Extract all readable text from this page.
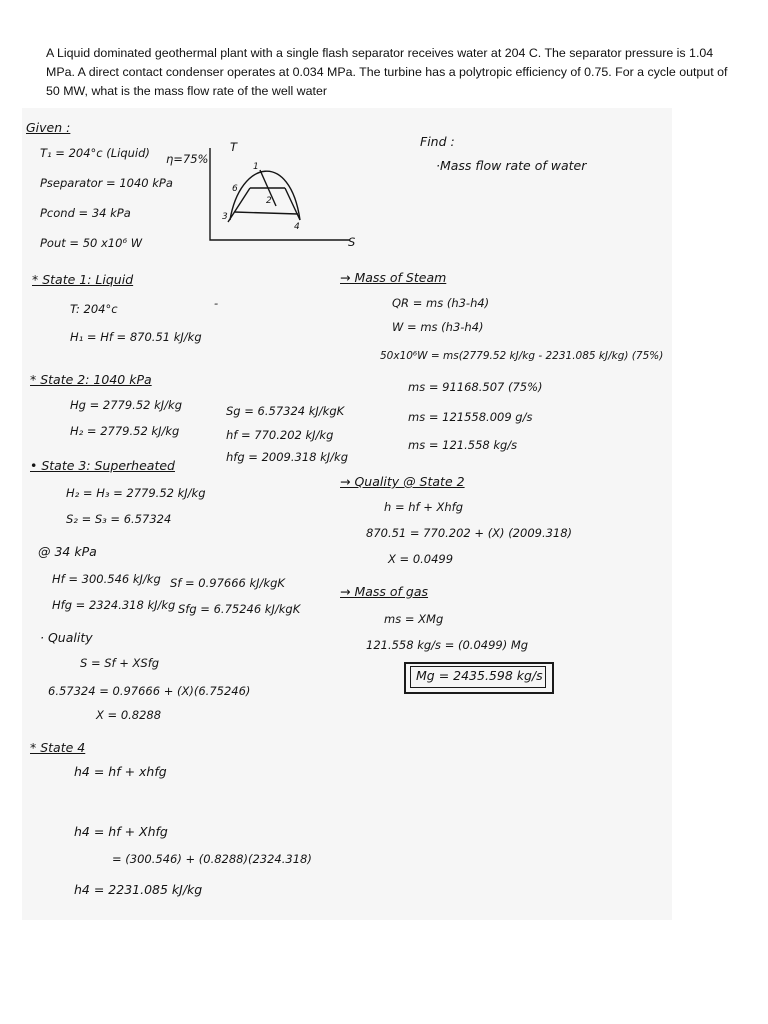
A Liquid dominated geothermal plant with a single flash separator receives water at 204 C. The separator pressure is 1.04 MPa. A direct contact condenser operates at 0.034 MPa. The turbine has a polytropic efficiency of 0.75. For a cycle output of 50 MW, what is the mass flow rate of the well water
Given :
T₁ = 204°c (Liquid) η=75%
Pseparator = 1040 kPa
Pcond = 34 kPa
Pout = 50 x10⁶ W
T
S
1
6
2
3
4
Find :
·Mass flow rate of water
* State 1: Liquid
T: 204°c
H₁ = Hf = 870.51 kJ/kg
-
* State 2: 1040 kPa
Hg = 2779.52 kJ/kg
H₂ = 2779.52 kJ/kg
Sg = 6.57324 kJ/kgK
hf = 770.202 kJ/kg
hfg = 2009.318 kJ/kg
• State 3: Superheated
H₂ = H₃ = 2779.52 kJ/kg
S₂ = S₃ = 6.57324
@ 34 kPa
Hf = 300.546 kJ/kg Sf = 0.97666 kJ/kgK
Hfg = 2324.318 kJ/kg Sfg = 6.75246 kJ/kgK
· Quality
S = Sf + XSfg
6.57324 = 0.97666 + (X)(6.75246)
X = 0.8288
* State 4
h4 = hf + xhfg
h4 = hf + Xhfg
= (300.546) + (0.8288)(2324.318)
h4 = 2231.085 kJ/kg
→ Mass of Steam
QR = ms (h3-h4)
W = ms (h3-h4)
50x10⁶W = ms(2779.52 kJ/kg - 2231.085 kJ/kg) (75%)
ms = 91168.507 (75%)
ms = 121558.009 g/s
ms = 121.558 kg/s
→ Quality @ State 2
h = hf + Xhfg
870.51 = 770.202 + (X) (2009.318)
X = 0.0499
→ Mass of gas
ms = XMg
121.558 kg/s = (0.0499) Mg
Mg = 2435.598 kg/s
